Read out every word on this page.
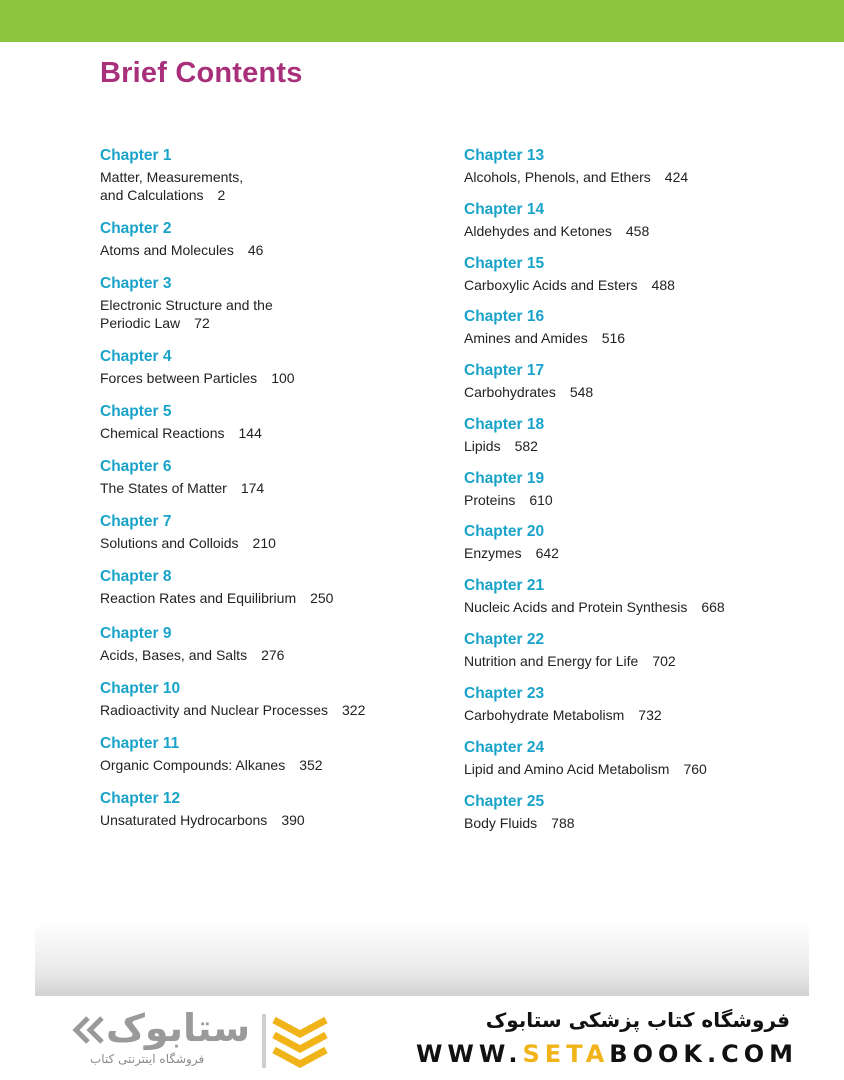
Brief Contents
Chapter 1
Matter, Measurements,
and Calculations 2
Chapter 2
Atoms and Molecules 46
Chapter 3
Electronic Structure and the
Periodic Law 72
Chapter 4
Forces between Particles 100
Chapter 5
Chemical Reactions 144
Chapter 6
The States of Matter 174
Chapter 7
Solutions and Colloids 210
Chapter 8
Reaction Rates and Equilibrium 250
Chapter 9
Acids, Bases, and Salts 276
Chapter 10
Radioactivity and Nuclear Processes 322
Chapter 11
Organic Compounds: Alkanes 352
Chapter 12
Unsaturated Hydrocarbons 390
Chapter 13
Alcohols, Phenols, and Ethers 424
Chapter 14
Aldehydes and Ketones 458
Chapter 15
Carboxylic Acids and Esters 488
Chapter 16
Amines and Amides 516
Chapter 17
Carbohydrates 548
Chapter 18
Lipids 582
Chapter 19
Proteins 610
Chapter 20
Enzymes 642
Chapter 21
Nucleic Acids and Protein Synthesis 668
Chapter 22
Nutrition and Energy for Life 702
Chapter 23
Carbohydrate Metabolism 732
Chapter 24
Lipid and Amino Acid Metabolism 760
Chapter 25
Body Fluids 788
ستابوک
فروشگاه اینترنتی کتاب
فروشگاه کتاب پزشکی ستابوک
WWW.SETABOOK.COM
